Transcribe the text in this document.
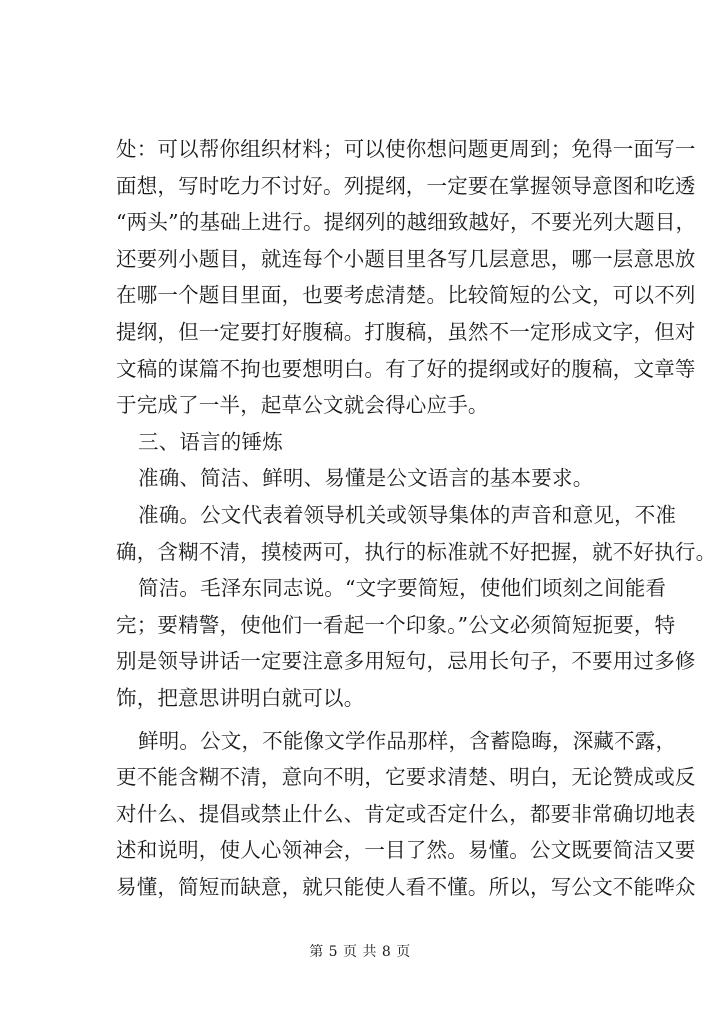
处：可以帮你组织材料；可以使你想问题更周到；免得一面写一
面想，写时吃力不讨好。列提纲，一定要在掌握领导意图和吃透
“两头”的基础上进行。提纲列的越细致越好，不要光列大题目，
还要列小题目，就连每个小题目里各写几层意思，哪一层意思放
在哪一个题目里面，也要考虑清楚。比较简短的公文，可以不列
提纲，但一定要打好腹稿。打腹稿，虽然不一定形成文字，但对
文稿的谋篇不拘也要想明白。有了好的提纲或好的腹稿，文章等
于完成了一半，起草公文就会得心应手。
三、语言的锤炼
准确、简洁、鲜明、易懂是公文语言的基本要求。
准确。公文代表着领导机关或领导集体的声音和意见，不准
确，含糊不清，摸棱两可，执行的标准就不好把握，就不好执行。
简洁。毛泽东同志说。“文字要简短，使他们顷刻之间能看
完；要精警，使他们一看起一个印象。”公文必须简短扼要，特
别是领导讲话一定要注意多用短句，忌用长句子，不要用过多修
饰，把意思讲明白就可以。
鲜明。公文，不能像文学作品那样，含蓄隐晦，深藏不露，
更不能含糊不清，意向不明，它要求清楚、明白，无论赞成或反
对什么、提倡或禁止什么、肯定或否定什么，都要非常确切地表
述和说明，使人心领神会，一目了然。易懂。公文既要简洁又要
易懂，简短而缺意，就只能使人看不懂。所以，写公文不能哗众
第 5 页 共 8 页
